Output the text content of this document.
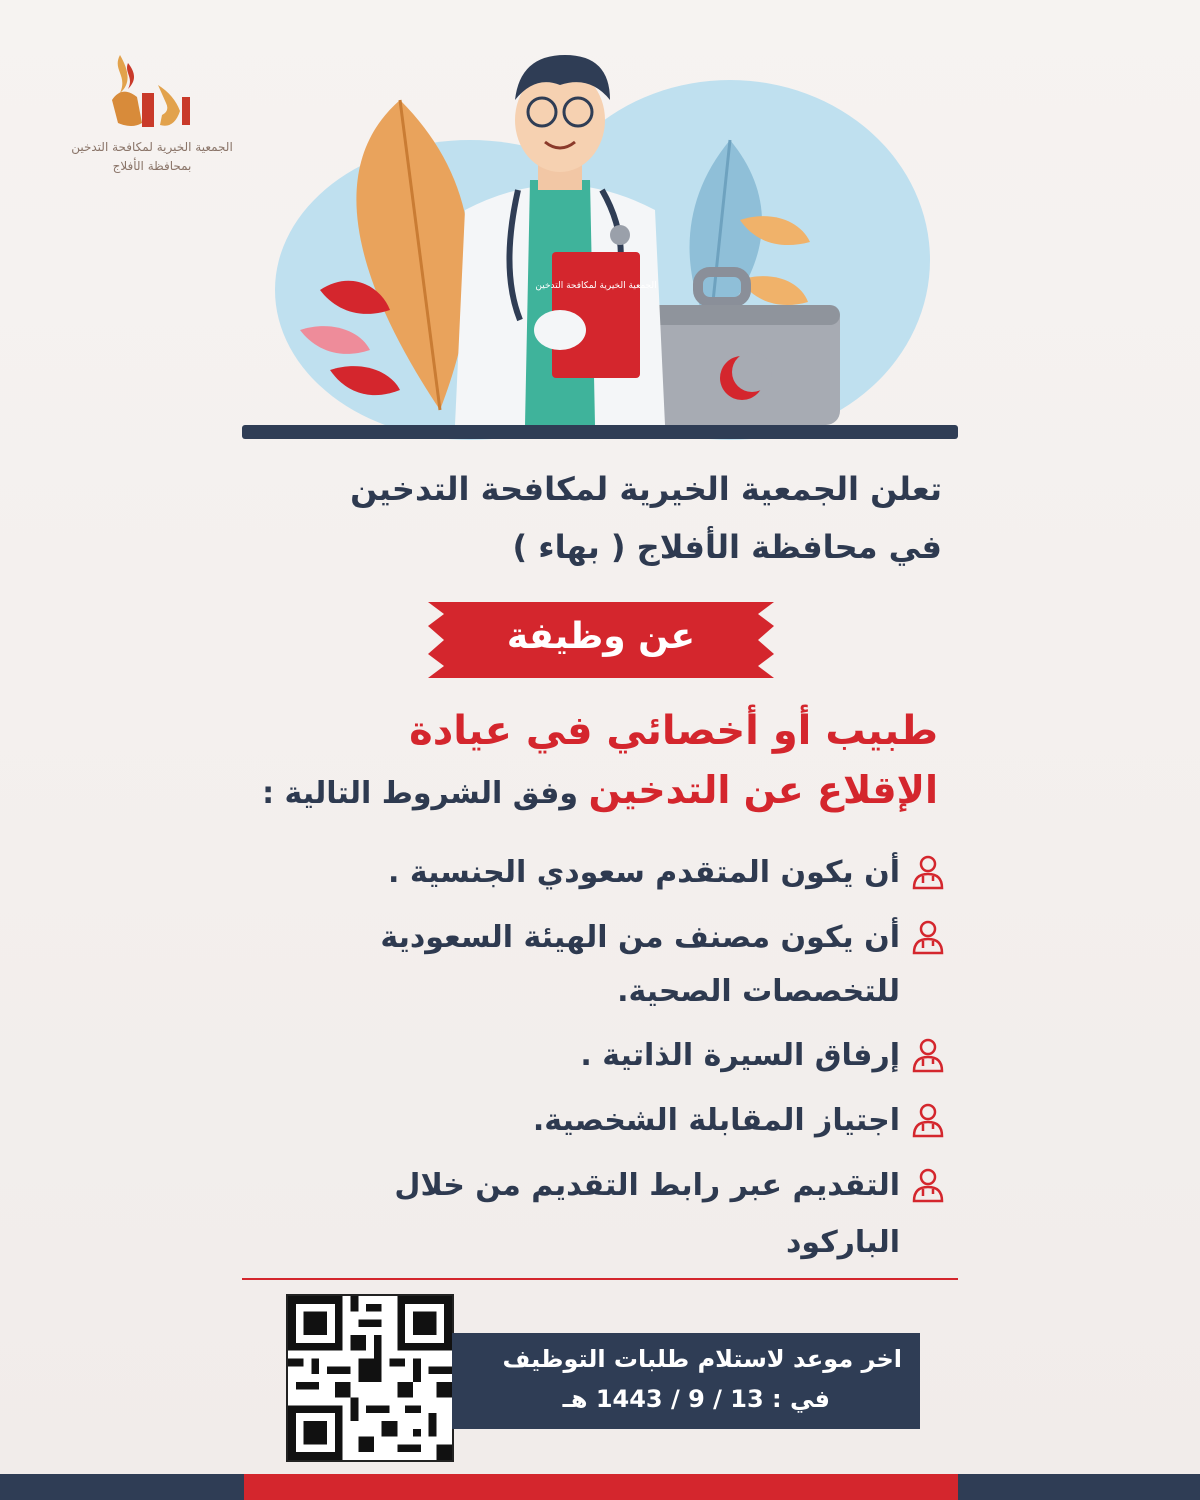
الجمعية الخيرية لمكافحة التدخين
بمحافظة الأفلاج
الجمعية الخيرية لمكافحة التدخين
تعلن الجمعية الخيرية لمكافحة التدخين
في محافظة الأفلاج ( بهاء )
عن وظيفة
طبيب أو أخصائي في عيادة
الإقلاع عن التدخين وفق الشروط التالية :
أن يكون المتقدم سعودي الجنسية .
أن يكون مصنف من الهيئة السعودية
للتخصصات الصحية.
إرفاق السيرة الذاتية .
اجتياز المقابلة الشخصية.
التقديم عبر رابط التقديم من خلال
الباركود
اخر موعد لاستلام طلبات التوظيف
في : 13 / 9 / 1443 هـ
